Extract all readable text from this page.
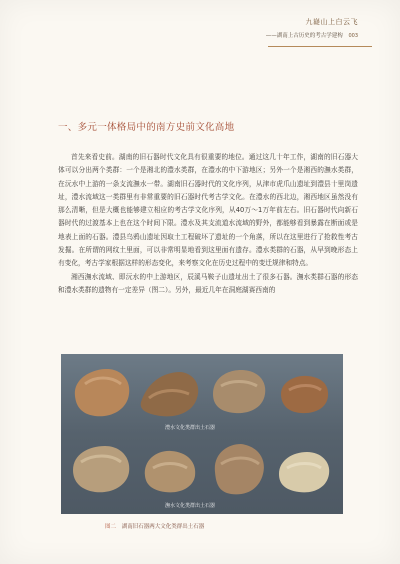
九嶷山上白云飞
——湖南上古历史的考古学建构 003
一、多元一体格局中的南方史前文化高地

首先来看史前。湖南的旧石器时代文化具有很重要的地位。通过这几十年工作，湖南的旧石器大体可以分出两个类群：一个是湘北的澧水类群，在澧水的中下游地区；另外一个是湘西的潕水类群，在沅水中上游的一条支流潕水一带。湖南旧石器时代的文化序列，从津市虎爪山遗址到澧县十里岗遗址，澧水流域这一类群里有非常重要的旧石器时代考古学文化。在澧水的西北边，湘西地区虽然没有那么清晰，但是大概也能够建立相应的考古学文化序列，从40万～1万年前左右。旧石器时代向新石器时代的过渡基本上也在这个时间下限。澧水及其支流道水流域的野外，都能够看到暴露在断面或是地表上面的石器。澧县乌鸦山遗址因取土工程破坏了遗址的一个角落，所以在这里进行了抢救性考古发掘。在所谓的网纹土里面，可以非常明显地看到这里面有遗存。澧水类群的石器，从早到晚形态上有变化，考古学家根据这样的形态变化，来考察文化在历史过程中的变迁规律和特点。

湘西潕水流域、即沅水的中上游地区，辰溪马鞍子山遗址出土了很多石器。潕水类群石器的形态和澧水类群的遗物有一定差异（图二）。另外，最近几年在洞庭湖赛西南的

澧水文化类群出土石器
潕水文化类群出土石器
图二 湖南旧石器两大文化类群出土石器
